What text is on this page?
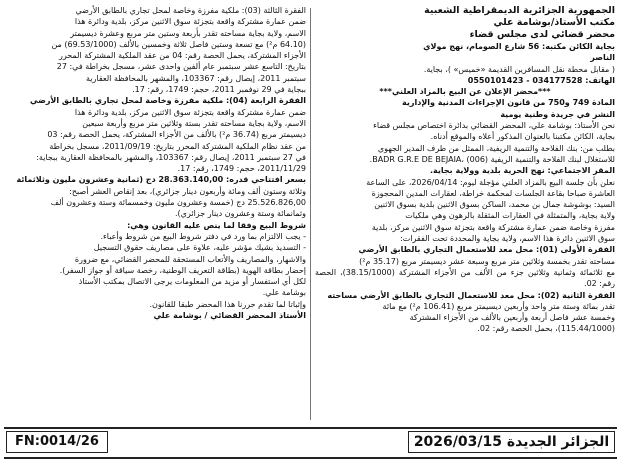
الجمهورية الجزائرية الديمقراطية الشعبية

مكتب الأستاذ/بوشامة علي

محضر قضائي لدى مجلس قضاء

بجاية الكائن مكتبه: 56 شارع الصومام، نهج مولاي

الناصر

( مقابل محطة نقل المسافرين القديمة «خميس» )، بجاية.

الهاتف: 034177528 - 0550101423

***محضر الإعلان عن البيع بالمزاد العلني***

المادة 749 و750 من قانون الإجراءات المدنية والإدارية

النشر في جريدة وطنية يومية

نحن الأستاذ: بوشامة علي، المحضر القضائي بدائرة اختصاص مجلس قضاء

بجاية، الكائن مكتبنا بالعنوان المذكور أعلاه والموقع أدناه.

بطلب من: بنك الفلاحة والتنمية الريفية، الممثل من طرف المدير الجهوي

للاستغلال لبنك الفلاحة والتنمية الريفية BADR G.R.E DE BEJAIA، (006).

المقر الاجتماعي: نهج الحرية بلدية وولاية بجاية.

نعلن بأن جلسة البيع بالمزاد العلني مؤجلة ليوم: 2026/04/14، على الساعة

العاشرة صباحا بقاعة الجلسات لمحكمة خراطة، لعقارات المدين المحجوزة

السيد: بوشوشة جمال بن محمد، الساكن بسوق الاثنين بلدية بسوق الاثنين

ولاية بجاية، والمتمثلة في العقارات المثقلة بالرهون وهي ملكيات

مفرزة وخاصة ضمن عمارة مشتركة واقعة بتجزئة سوق الاثنين مركز، بلدية

سوق الاثنين دائرة هذا الاسم، ولاية بجاية والمحددة تحت الفقرات:

الفقرة الأولى (01): محل معد للاستعمال التجاري بالطابق الأرضي

مساحته تقدر بخمسة وثلاثين متر مربع وسبعة عشر ديسيمتر مربع (35.17 م²)

مع ثلاثمائة وثمانية وثلاثين جزء من الألف من الأجزاء المشتركة (38.15/1000)، الحصة رقم: 02.

الفقرة الثانية (02): محل معد للاستعمال التجاري بالطابق الأرضي مساحته

تقدر بمائة وستة متر واحد وأربعين ديسيمتر مربع (106.41 م²) مع مائة

وخمسة عشر فاصل أربعة وأربعين بالألف من الأجزاء المشتركة

(115.44/1000)، بحمل الحصة رقم: 02.

الفقرة الثالثة (03): ملكية مفرزة وخاصة لمحل تجاري بالطابق الأرضي

ضمن عمارة مشتركة واقعة بتجزئة سوق الاثنين مركز، بلدية ودائرة هذا

الاسم، ولاية بجاية مساحته تقدر بأربعة وستين متر مربع وعشرة ديسيمتر

(64.10 م²) مع تسعة وستين فاصل ثلاثة وخمسين بالألف (69.53/1000) من

الأجزاء المشتركة، يحمل الحصة رقم: 04 من عقد الملكية المشتركة المحرر

بتاريخ: التاسع عشر سبتمبر عام ألفين واحدى عشر، مسجل بخراطة في: 27

سبتمبر 2011، إيصال رقم: 103367، والمشهر بالمحافظة العقارية

ببجاية في 29 نوفمبر 2011، حجم: 1749، رقم: 17.

الفقرة الرابعة (04): ملكية مفرزة وخاصة لمحل تجاري بالطابق الأرضي

ضمن عمارة مشتركة واقعة بتجزئة سوق الاثنين مركز، بلدية ودائرة هذا

الاسم، ولاية بجاية مساحته تقدر بستة وثلاثين متر مربع وأربعة سبعين

ديسيمتر مربع (36.74 م²) بالألف من الأجزاء المشتركة، يحمل الحصة رقم: 03

من عقد نظام الملكية المشتركة المحرر بتاريخ: 2011/09/19، مسجل بخراطة

في 27 سبتمبر 2011، إيصال رقم: 103367، والمشهر بالمحافظة العقارية ببجاية:

2011/11/29، حجم: 1749، رقم: 17.

بسعر افتتاحي قدره: 28.363.140,00 دج (ثمانية وعشرون مليون وثلاثمائة

وثلاثة وستون ألف ومائة وأربعون دينار جزائري)، بعد إنقاص العشر أصبح:

25.526.826,00 دج (خمسة وعشرون مليون وخمسمائة وستة وعشرون ألف

وثمانمائة وستة وعشرون دينار جزائري).

شروط البيع وفقا لما ينص عليه القانون وهي:

- يجب الالتزام بما ورد في دفتر شروط البيع من شروط وأعباء.

- التسديد بشيك مؤشر عليه، علاوة على مصاريف حقوق التسجيل

والاشهار، والمصاريف والأتعاب المستحقة للمحضر القضائي، مع ضرورة

إحضار بطاقة الهوية (بطاقة التعريف الوطنية، رخصة سياقة أو جواز السفر).

لكل أي استفسار أو مزيد من المعلومات يرجى الاتصال بمكتب الأستاذ

بوشامة علي.

وإثباتا لما تقدم حررنا هذا المحضر طبقا للقانون.

الأستاذ المحضر القضائي / بوشامة علي

FN:0014/26	الجزائر الجديدة 2026/03/15
